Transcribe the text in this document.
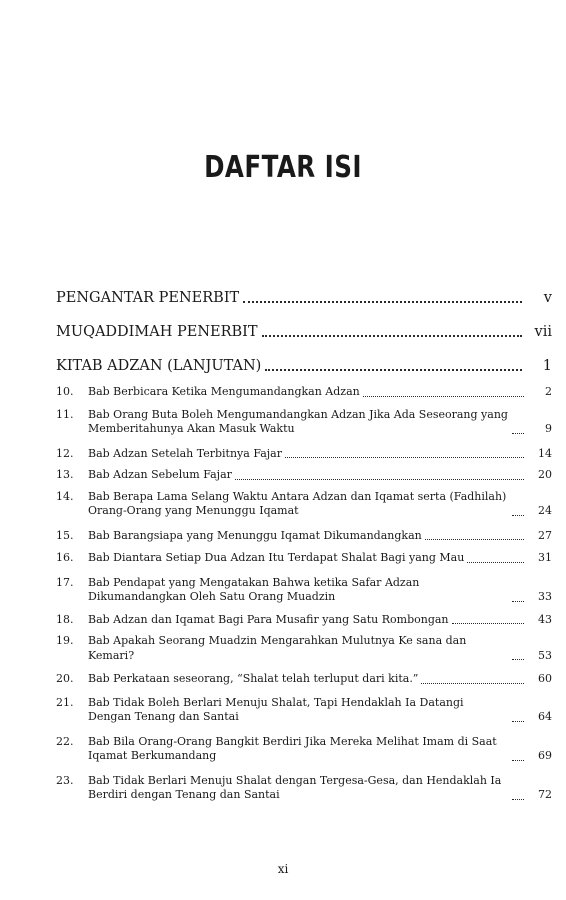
DAFTAR ISI
PENGANTAR PENERBIT	v
MUQADDIMAH PENERBIT	vii
KITAB ADZAN (LANJUTAN)	1
10.	Bab Berbicara Ketika Mengumandangkan Adzan	2
11.	Bab Orang Buta Boleh Mengumandangkan Adzan Jika Ada Seseorang yang Memberitahunya Akan Masuk Waktu	9
12.	Bab Adzan Setelah Terbitnya Fajar	14
13.	Bab Adzan Sebelum Fajar	20
14.	Bab Berapa Lama Selang Waktu Antara Adzan dan Iqamat serta (Fadhilah) Orang-Orang yang Menunggu Iqamat	24
15.	Bab Barangsiapa yang Menunggu Iqamat Dikumandangkan	27
16.	Bab Diantara Setiap Dua Adzan Itu Terdapat Shalat Bagi yang Mau	31
17.	Bab Pendapat yang Mengatakan Bahwa ketika Safar Adzan Dikumandangkan Oleh Satu Orang Muadzin	33
18.	Bab Adzan dan Iqamat Bagi Para Musafir yang Satu Rombongan	43
19.	Bab Apakah Seorang Muadzin Mengarahkan Mulutnya Ke sana dan Kemari?	53
20.	Bab Perkataan seseorang, “Shalat telah terluput dari kita.”	60
21.	Bab Tidak Boleh Berlari Menuju Shalat, Tapi Hendaklah Ia Datangi Dengan Tenang dan Santai	64
22.	Bab Bila Orang-Orang Bangkit Berdiri Jika Mereka Melihat Imam di Saat Iqamat Berkumandang	69
23.	Bab Tidak Berlari Menuju Shalat dengan Tergesa-Gesa, dan Hendaklah Ia Berdiri dengan Tenang dan Santai	72
xi
